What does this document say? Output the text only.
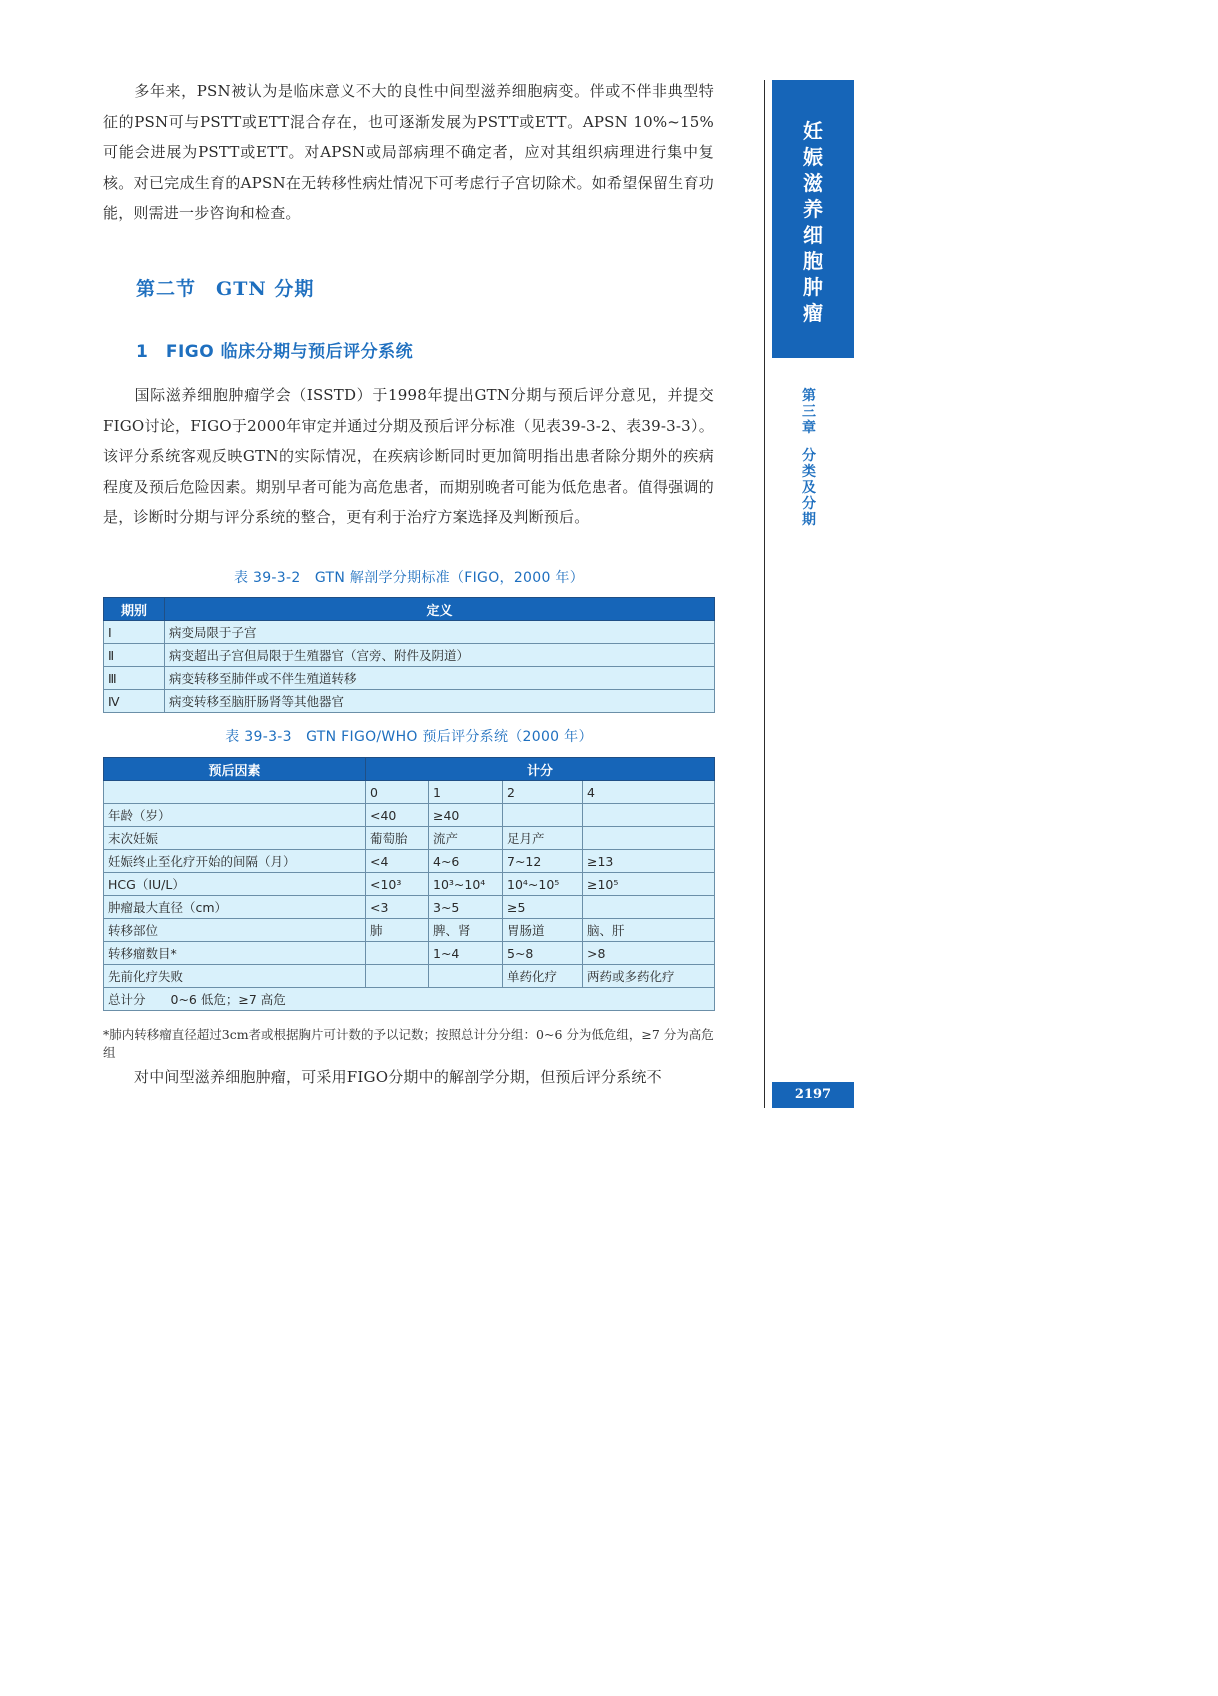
多年来，PSN被认为是临床意义不大的良性中间型滋养细胞病变。伴或不伴非典型特征的PSN可与PSTT或ETT混合存在，也可逐渐发展为PSTT或ETT。APSN 10%~15%可能会进展为PSTT或ETT。对APSN或局部病理不确定者，应对其组织病理进行集中复核。对已完成生育的APSN在无转移性病灶情况下可考虑行子宫切除术。如希望保留生育功能，则需进一步咨询和检查。

第二节　GTN 分期
1　FIGO 临床分期与预后评分系统

国际滋养细胞肿瘤学会（ISSTD）于1998年提出GTN分期与预后评分意见，并提交FIGO讨论，FIGO于2000年审定并通过分期及预后评分标准（见表39-3-2、表39-3-3）。该评分系统客观反映GTN的实际情况，在疾病诊断同时更加简明指出患者除分期外的疾病程度及预后危险因素。期别早者可能为高危患者，而期别晚者可能为低危患者。值得强调的是，诊断时分期与评分系统的整合，更有利于治疗方案选择及判断预后。

表 39-3-2　GTN 解剖学分期标准（FIGO，2000 年）

期别	定义
Ⅰ	病变局限于子宫
Ⅱ	病变超出子宫但局限于生殖器官（宫旁、附件及阴道）
Ⅲ	病变转移至肺伴或不伴生殖道转移
Ⅳ	病变转移至脑肝肠肾等其他器官

表 39-3-3　GTN FIGO/WHO 预后评分系统（2000 年）

预后因素	计分			
	0	1	2	4
年龄（岁）	<40	≥40		
末次妊娠	葡萄胎	流产	足月产	
妊娠终止至化疗开始的间隔（月）	<4	4~6	7~12	≥13
HCG（IU/L）	<10³	10³~10⁴	10⁴~10⁵	≥10⁵
肿瘤最大直径（cm）	<3	3~5	≥5	
转移部位	肺	脾、肾	胃肠道	脑、肝
转移瘤数目*		1~4	5~8	>8
先前化疗失败			单药化疗	两药或多药化疗
总计分　　0~6 低危；≥7 高危				

*肺内转移瘤直径超过3cm者或根据胸片可计数的予以记数；按照总计分分组：0~6 分为低危组，≥7 分为高危组

对中间型滋养细胞肿瘤，可采用FIGO分期中的解剖学分期，但预后评分系统不

妊
娠
滋
养
细
胞
肿
瘤

第
三
章

分
类
及
分
期

2197
